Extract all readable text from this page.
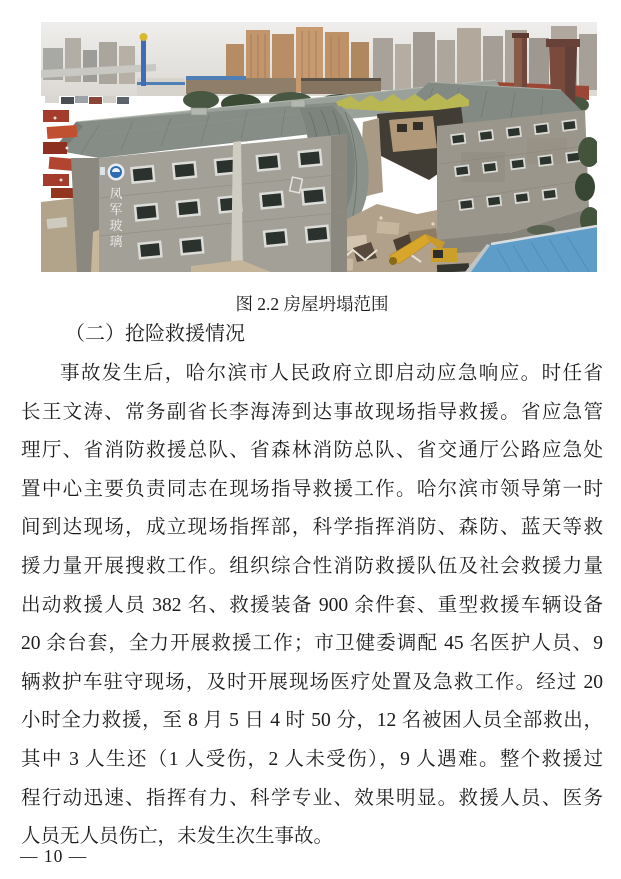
凤
军
玻
璃
图 2.2 房屋坍塌范围
（二）抢险救援情况
事故发生后，哈尔滨市人民政府立即启动应急响应。时任省
长王文涛、常务副省长李海涛到达事故现场指导救援。省应急管
理厅、省消防救援总队、省森林消防总队、省交通厅公路应急处
置中心主要负责同志在现场指导救援工作。哈尔滨市领导第一时
间到达现场，成立现场指挥部，科学指挥消防、森防、蓝天等救
援力量开展搜救工作。组织综合性消防救援队伍及社会救援力量
出动救援人员 382 名、救援装备 900 余件套、重型救援车辆设备
20 余台套，全力开展救援工作；市卫健委调配 45 名医护人员、9
辆救护车驻守现场，及时开展现场医疗处置及急救工作。经过 20
小时全力救援，至 8 月 5 日 4 时 50 分，12 名被困人员全部救出，
其中 3 人生还（1 人受伤，2 人未受伤），9 人遇难。整个救援过
程行动迅速、指挥有力、科学专业、效果明显。救援人员、医务
人员无人员伤亡，未发生次生事故。
— 10 —
